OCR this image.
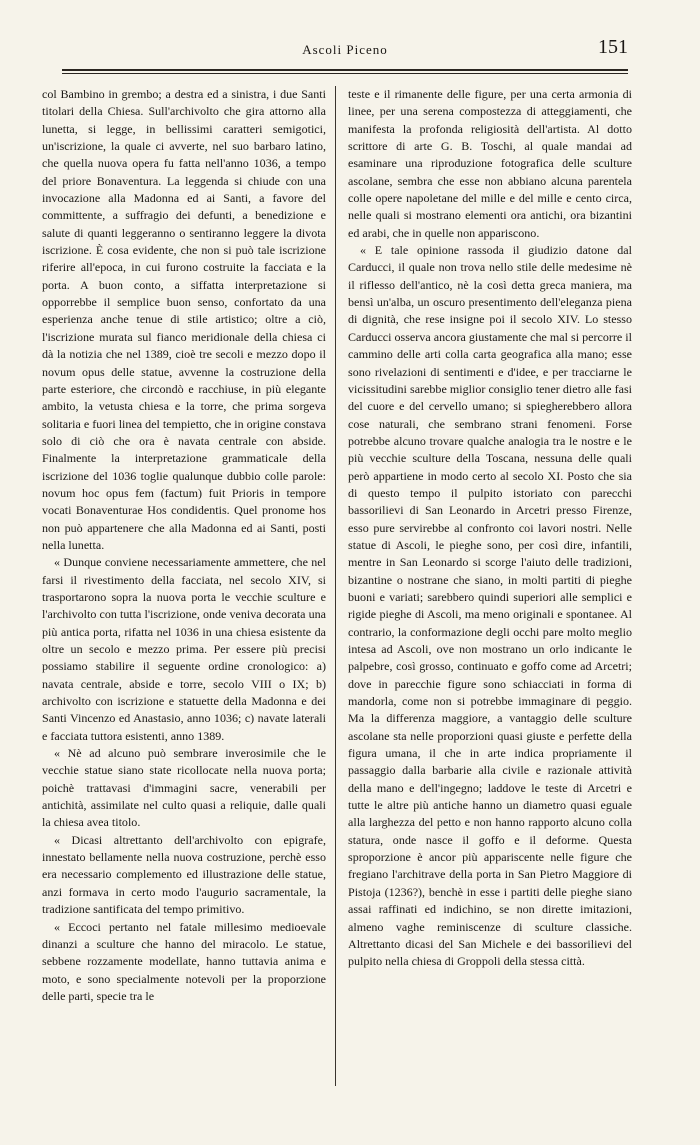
Ascoli Piceno	151

col Bambino in grembo; a destra ed a sinistra, i due Santi titolari della Chiesa. Sull'archivolto che gira attorno alla lunetta, si legge, in bellissimi caratteri semigotici, un'iscrizione, la quale ci avverte, nel suo barbaro latino, che quella nuova opera fu fatta nell'anno 1036, a tempo del priore Bonaventura. La leggenda si chiude con una invocazione alla Madonna ed ai Santi, a favore del committente, a suffragio dei defunti, a benedizione e salute di quanti leggeranno o sentiranno leggere la divota iscrizione. È cosa evidente, che non si può tale iscrizione riferire all'epoca, in cui furono costruite la facciata e la porta. A buon conto, a siffatta interpretazione si opporrebbe il semplice buon senso, confortato da una esperienza anche tenue di stile artistico; oltre a ciò, l'iscrizione murata sul fianco meridionale della chiesa ci dà la notizia che nel 1389, cioè tre secoli e mezzo dopo il novum opus delle statue, avvenne la costruzione della parte esteriore, che circondò e racchiuse, in più elegante ambito, la vetusta chiesa e la torre, che prima sorgeva solitaria e fuori linea del tempietto, che in origine constava solo di ciò che ora è navata centrale con abside. Finalmente la interpretazione grammaticale della iscrizione del 1036 toglie qualunque dubbio colle parole: novum hoc opus fem (factum) fuit Prioris in tempore vocati Bonaventurae Hos condidentis. Quel pronome hos non può appartenere che alla Madonna ed ai Santi, posti nella lunetta.

« Dunque conviene necessariamente ammettere, che nel farsi il rivestimento della facciata, nel secolo XIV, si trasportarono sopra la nuova porta le vecchie sculture e l'archivolto con tutta l'iscrizione, onde veniva decorata una più antica porta, rifatta nel 1036 in una chiesa esistente da oltre un secolo e mezzo prima. Per essere più precisi possiamo stabilire il seguente ordine cronologico: a) navata centrale, abside e torre, secolo VIII o IX; b) archivolto con iscrizione e statuette della Madonna e dei Santi Vincenzo ed Anastasio, anno 1036; c) navate laterali e facciata tuttora esistenti, anno 1389.

« Nè ad alcuno può sembrare inverosimile che le vecchie statue siano state ricollocate nella nuova porta; poichè trattavasi d'immagini sacre, venerabili per antichità, assimilate nel culto quasi a reliquie, dalle quali la chiesa avea titolo.

« Dicasi altrettanto dell'archivolto con epigrafe, innestato bellamente nella nuova costruzione, perchè esso era necessario complemento ed illustrazione delle statue, anzi formava in certo modo l'augurio sacramentale, la tradizione santificata del tempo primitivo.

« Eccoci pertanto nel fatale millesimo medioevale dinanzi a sculture che hanno del miracolo. Le statue, sebbene rozzamente modellate, hanno tuttavia anima e moto, e sono specialmente notevoli per la proporzione delle parti, specie tra le

teste e il rimanente delle figure, per una certa armonia di linee, per una serena compostezza di atteggiamenti, che manifesta la profonda religiosità dell'artista. Al dotto scrittore di arte G. B. Toschi, al quale mandai ad esaminare una riproduzione fotografica delle sculture ascolane, sembra che esse non abbiano alcuna parentela colle opere napoletane del mille e del mille e cento circa, nelle quali si mostrano elementi ora antichi, ora bizantini ed arabi, che in quelle non appariscono.

« E tale opinione rassoda il giudizio datone dal Carducci, il quale non trova nello stile delle medesime nè il riflesso dell'antico, nè la così detta greca maniera, ma bensì un'alba, un oscuro presentimento dell'eleganza piena di dignità, che rese insigne poi il secolo XIV. Lo stesso Carducci osserva ancora giustamente che mal si percorre il cammino delle arti colla carta geografica alla mano; esse sono rivelazioni di sentimenti e d'idee, e per tracciarne le vicissitudini sarebbe miglior consiglio tener dietro alle fasi del cuore e del cervello umano; si spiegherebbero allora cose naturali, che sembrano strani fenomeni. Forse potrebbe alcuno trovare qualche analogia tra le nostre e le più vecchie sculture della Toscana, nessuna delle quali però appartiene in modo certo al secolo XI. Posto che sia di questo tempo il pulpito istoriato con parecchi bassorilievi di San Leonardo in Arcetri presso Firenze, esso pure servirebbe al confronto coi lavori nostri. Nelle statue di Ascoli, le pieghe sono, per così dire, infantili, mentre in San Leonardo si scorge l'aiuto delle tradizioni, bizantine o nostrane che siano, in molti partiti di pieghe buoni e variati; sarebbero quindi superiori alle semplici e rigide pieghe di Ascoli, ma meno originali e spontanee. Al contrario, la conformazione degli occhi pare molto meglio intesa ad Ascoli, ove non mostrano un orlo indicante le palpebre, così grosso, continuato e goffo come ad Arcetri; dove in parecchie figure sono schiacciati in forma di mandorla, come non si potrebbe immaginare di peggio. Ma la differenza maggiore, a vantaggio delle sculture ascolane sta nelle proporzioni quasi giuste e perfette della figura umana, il che in arte indica propriamente il passaggio dalla barbarie alla civile e razionale attività della mano e dell'ingegno; laddove le teste di Arcetri e tutte le altre più antiche hanno un diametro quasi eguale alla larghezza del petto e non hanno rapporto alcuno colla statura, onde nasce il goffo e il deforme. Questa sproporzione è ancor più appariscente nelle figure che fregiano l'architrave della porta in San Pietro Maggiore di Pistoja (1236?), benchè in esse i partiti delle pieghe siano assai raffinati ed indichino, se non dirette imitazioni, almeno vaghe reminiscenze di sculture classiche. Altrettanto dicasi del San Michele e dei bassorilievi del pulpito nella chiesa di Groppoli della stessa città.
